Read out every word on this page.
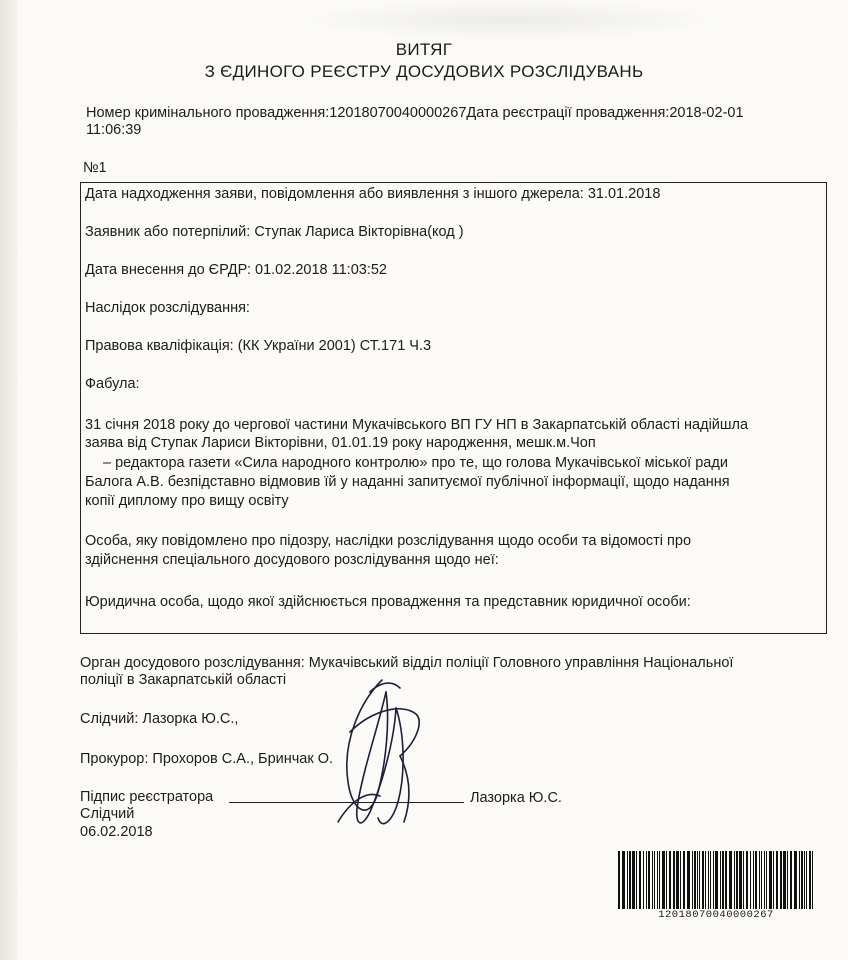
ВИТЯГ
З ЄДИНОГО РЕЄСТРУ ДОСУДОВИХ РОЗСЛІДУВАНЬ
Номер кримінального провадження:12018070040000267Дата реєстрації провадження:2018-02-01
11:06:39
№1
Дата надходження заяви, повідомлення або виявлення з іншого джерела: 31.01.2018
Заявник або потерпілий: Ступак Лариса Вікторівна(код )
Дата внесення до ЄРДР: 01.02.2018 11:03:52
Наслідок розслідування:
Правова кваліфікація: (КК України 2001) СТ.171 Ч.3
Фабула:
31 січня 2018 року до чергової частини Мукачівського ВП ГУ НП в Закарпатській області надійшла
заява від Ступак Лариси Вікторівни, 01.01.19 року народження, мешк.м.Чоп
– редактора газети «Сила народного контролю» про те, що голова Мукачівської міської ради
Балога А.В. безпідставно відмовив їй у наданні запитуємої публічної інформації, щодо надання
копії диплому про вищу освіту
Особа, яку повідомлено про підозру, наслідки розслідування щодо особи та відомості про
здійснення спеціального досудового розслідування щодо неї:
Юридична особа, щодо якої здійснюється провадження та представник юридичної особи:
Орган досудового розслідування: Мукачівський відділ поліції Головного управління Національної
поліції в Закарпатській області
Слідчий: Лазорка Ю.С.,
Прокурор: Прохоров С.А., Бринчак О.
Підпис реєстратора	Лазорка Ю.С.
Слідчий
06.02.2018
12018070040000267
